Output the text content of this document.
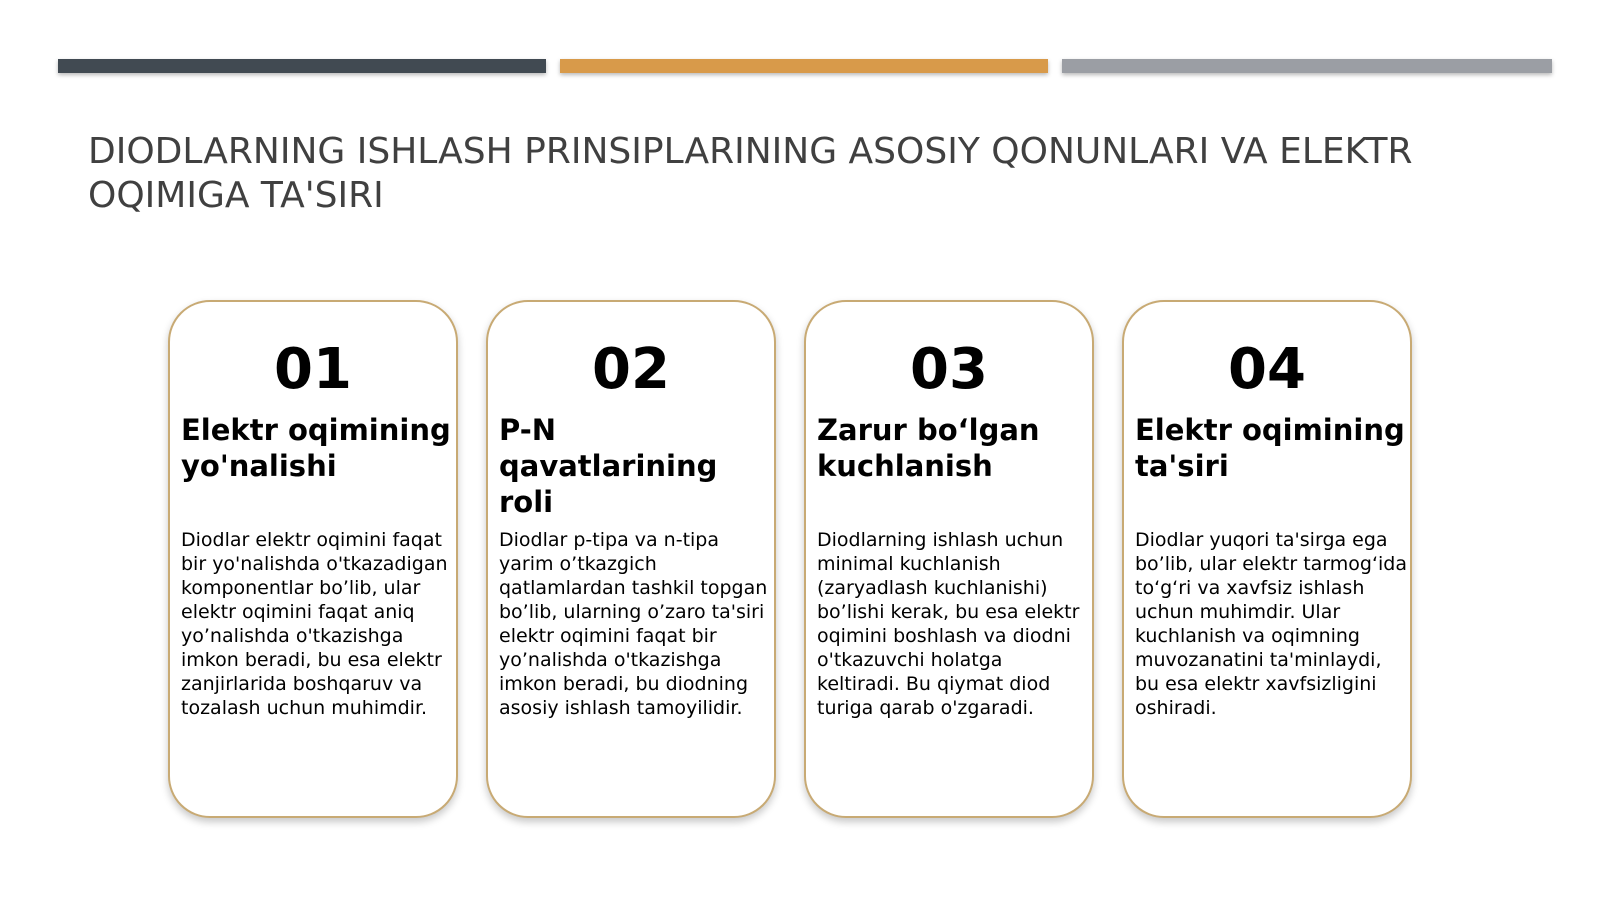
DIODLARNING ISHLASH PRINSIPLARINING ASOSIY QONUNLARI VA ELEKTR OQIMIGA TA'SIRI
01
Elektr oqimining yo'nalishi
Diodlar elektr oqimini faqat bir yo'nalishda o'tkazadigan komponentlar bo’lib, ular elektr oqimini faqat aniq yo’nalishda o'tkazishga imkon beradi, bu esa elektr zanjirlarida boshqaruv va tozalash uchun muhimdir.
02
P-N qavatlarining roli
Diodlar p-tipa va n-tipa yarim o’tkazgich qatlamlardan tashkil topgan bo’lib, ularning o’zaro ta'siri elektr oqimini faqat bir yo’nalishda o'tkazishga imkon beradi, bu diodning asosiy ishlash tamoyilidir.
03
Zarur bo‘lgan kuchlanish
Diodlarning ishlash uchun minimal kuchlanish (zaryadlash kuchlanishi) bo’lishi kerak, bu esa elektr oqimini boshlash va diodni o'tkazuvchi holatga keltiradi. Bu qiymat diod turiga qarab o'zgaradi.
04
Elektr oqimining ta'siri
Diodlar yuqori ta'sirga ega bo’lib, ular elektr tarmog‘ida to‘g‘ri va xavfsiz ishlash uchun muhimdir. Ular kuchlanish va oqimning muvozanatini ta'minlaydi, bu esa elektr xavfsizligini oshiradi.
